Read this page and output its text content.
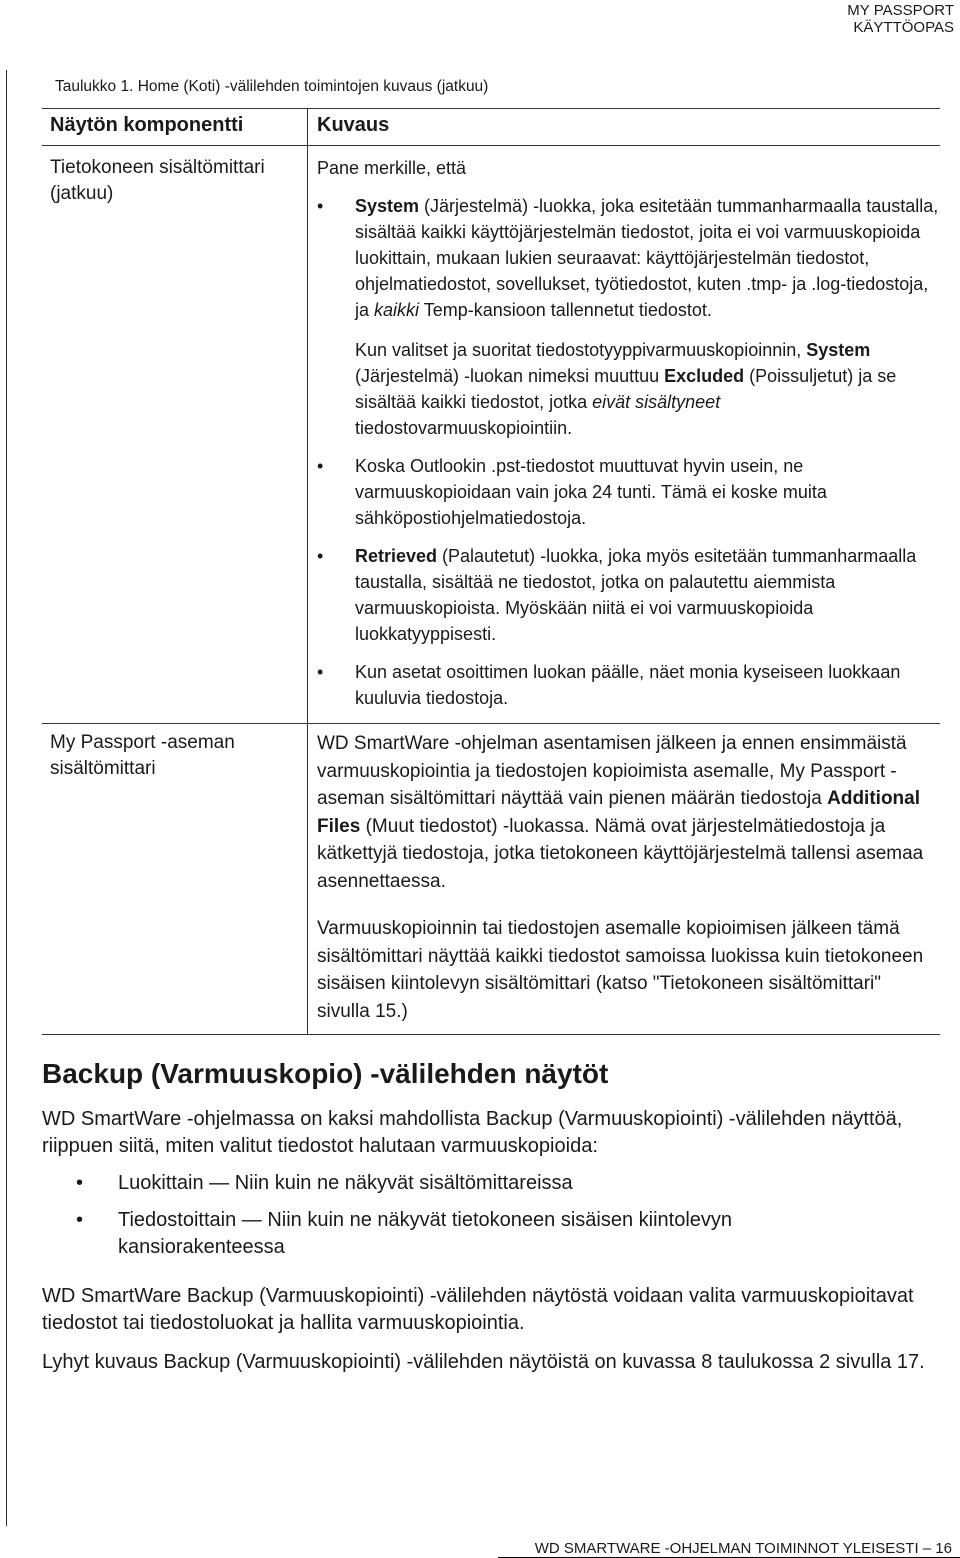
MY PASSPORT
KÄYTTÖOPAS
Taulukko 1. Home (Koti) -välilehden toimintojen kuvaus (jatkuu)
Näytön komponentti	Kuvaus
Tietokoneen sisältömittari (jatkuu)

Pane merkille, että

• System (Järjestelmä) -luokka, joka esitetään tummanharmaalla taustalla, sisältää kaikki käyttöjärjestelmän tiedostot, joita ei voi varmuuskopioida luokittain, mukaan lukien seuraavat: käyttöjärjestelmän tiedostot, ohjelmatiedostot, sovellukset, työtiedostot, kuten .tmp- ja .log-tiedostoja, ja kaikki Temp-kansioon tallennetut tiedostot.
Kun valitset ja suoritat tiedostotyyppivarmuuskopioinnin, System (Järjestelmä) -luokan nimeksi muuttuu Excluded (Poissuljetut) ja se sisältää kaikki tiedostot, jotka eivät sisältyneet tiedostovarmuuskopiointiin.
• Koska Outlookin .pst-tiedostot muuttuvat hyvin usein, ne varmuuskopioidaan vain joka 24 tunti. Tämä ei koske muita sähköpostiohjelmatiedostoja.
• Retrieved (Palautetut) -luokka, joka myös esitetään tummanharmaalla taustalla, sisältää ne tiedostot, jotka on palautettu aiemmista varmuuskopioista. Myöskään niitä ei voi varmuuskopioida luokkatyyppisesti.
• Kun asetat osoittimen luokan päälle, näet monia kyseiseen luokkaan kuuluvia tiedostoja.
My Passport -aseman sisältömittari

WD SmartWare -ohjelman asentamisen jälkeen ja ennen ensimmäistä varmuuskopiointia ja tiedostojen kopioimista asemalle, My Passport -aseman sisältömittari näyttää vain pienen määrän tiedostoja Additional Files (Muut tiedostot) -luokassa. Nämä ovat järjestelmätiedostoja ja kätkettyjä tiedostoja, jotka tietokoneen käyttöjärjestelmä tallensi asemaa asennettaessa.

Varmuuskopioinnin tai tiedostojen asemalle kopioimisen jälkeen tämä sisältömittari näyttää kaikki tiedostot samoissa luokissa kuin tietokoneen sisäisen kiintolevyn sisältömittari (katso "Tietokoneen sisältömittari" sivulla 15.)

Backup (Varmuuskopio) -välilehden näytöt

WD SmartWare -ohjelmassa on kaksi mahdollista Backup (Varmuuskopiointi) -välilehden näyttöä, riippuen siitä, miten valitut tiedostot halutaan varmuuskopioida:

• Luokittain — Niin kuin ne näkyvät sisältömittareissa
• Tiedostoittain — Niin kuin ne näkyvät tietokoneen sisäisen kiintolevyn kansiorakenteessa

WD SmartWare Backup (Varmuuskopiointi) -välilehden näytöstä voidaan valita varmuuskopioitavat tiedostot tai tiedostoluokat ja hallita varmuuskopiointia.

Lyhyt kuvaus Backup (Varmuuskopiointi) -välilehden näytöistä on kuvassa 8 taulukossa 2 sivulla 17.

WD SMARTWARE -OHJELMAN TOIMINNOT YLEISESTI – 16
